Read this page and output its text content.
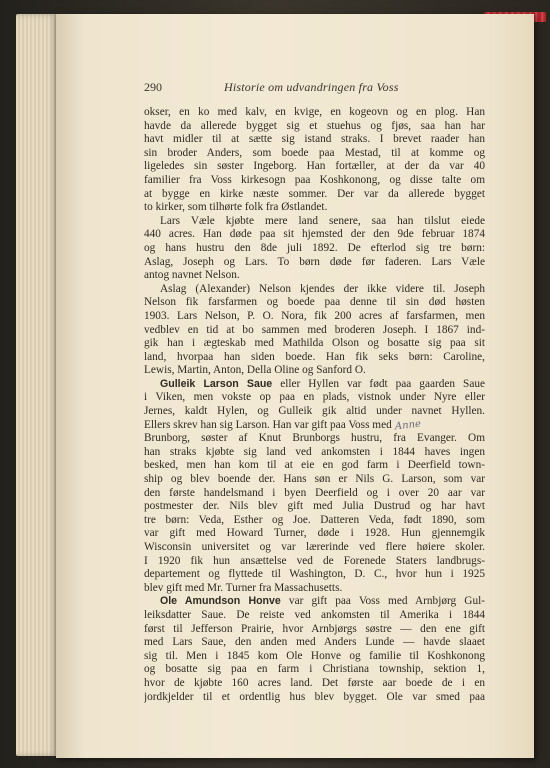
290	Historie om udvandringen fra Voss
okser, en ko med kalv, en kvige, en kogeovn og en plog. Han
havde da allerede bygget sig et stuehus og fjøs, saa han har
havt midler til at sætte sig istand straks. I brevet raader han
sin broder Anders, som boede paa Mestad, til at komme og
ligeledes sin søster Ingeborg. Han fortæller, at der da var 40
familier fra Voss kirkesogn paa Koshkonong, og disse talte om
at bygge en kirke næste sommer. Der var da allerede bygget
to kirker, som tilhørte folk fra Østlandet.
Lars Væle kjøbte mere land senere, saa han tilslut eiede
440 acres. Han døde paa sit hjemsted der den 9de februar 1874
og hans hustru den 8de juli 1892. De efterlod sig tre børn:
Aslag, Joseph og Lars. To børn døde før faderen. Lars Væle
antog navnet Nelson.
Aslag (Alexander) Nelson kjendes der ikke videre til. Joseph
Nelson fik farsfarmen og boede paa denne til sin død høsten
1903. Lars Nelson, P. O. Nora, fik 200 acres af farsfarmen, men
vedblev en tid at bo sammen med broderen Joseph. I 1867 ind-
gik han i ægteskab med Mathilda Olson og bosatte sig paa sit
land, hvorpaa han siden boede. Han fik seks børn: Caroline,
Lewis, Martin, Anton, Della Oline og Sanford O.
Gulleik Larson Saue eller Hyllen var født paa gaarden Saue
i Viken, men vokste op paa en plads, vistnok under Nyre eller
Jernes, kaldt Hylen, og Gulleik gik altid under navnet Hyllen.
Ellers skrev han sig Larson. Han var gift paa Voss med Anne
Brunborg, søster af Knut Brunborgs hustru, fra Evanger. Om
han straks kjøbte sig land ved ankomsten i 1844 haves ingen
besked, men han kom til at eie en god farm i Deerfield town-
ship og blev boende der. Hans søn er Nils G. Larson, som var
den første handelsmand i byen Deerfield og i over 20 aar var
postmester der. Nils blev gift med Julia Dustrud og har havt
tre børn: Veda, Esther og Joe. Datteren Veda, født 1890, som
var gift med Howard Turner, døde i 1928. Hun gjennemgik
Wisconsin universitet og var lærerinde ved flere høiere skoler.
I 1920 fik hun ansættelse ved de Forenede Staters landbrugs-
departement og flyttede til Washington, D. C., hvor hun i 1925
blev gift med Mr. Turner fra Massachusetts.
Ole Amundson Honve var gift paa Voss med Arnbjørg Gul-
leiksdatter Saue. De reiste ved ankomsten til Amerika i 1844
først til Jefferson Prairie, hvor Arnbjørgs søstre — den ene gift
med Lars Saue, den anden med Anders Lunde — havde slaaet
sig til. Men i 1845 kom Ole Honve og familie til Koshkonong
og bosatte sig paa en farm i Christiana township, sektion 1,
hvor de kjøbte 160 acres land. Det første aar boede de i en
jordkjelder til et ordentlig hus blev bygget. Ole var smed paa
